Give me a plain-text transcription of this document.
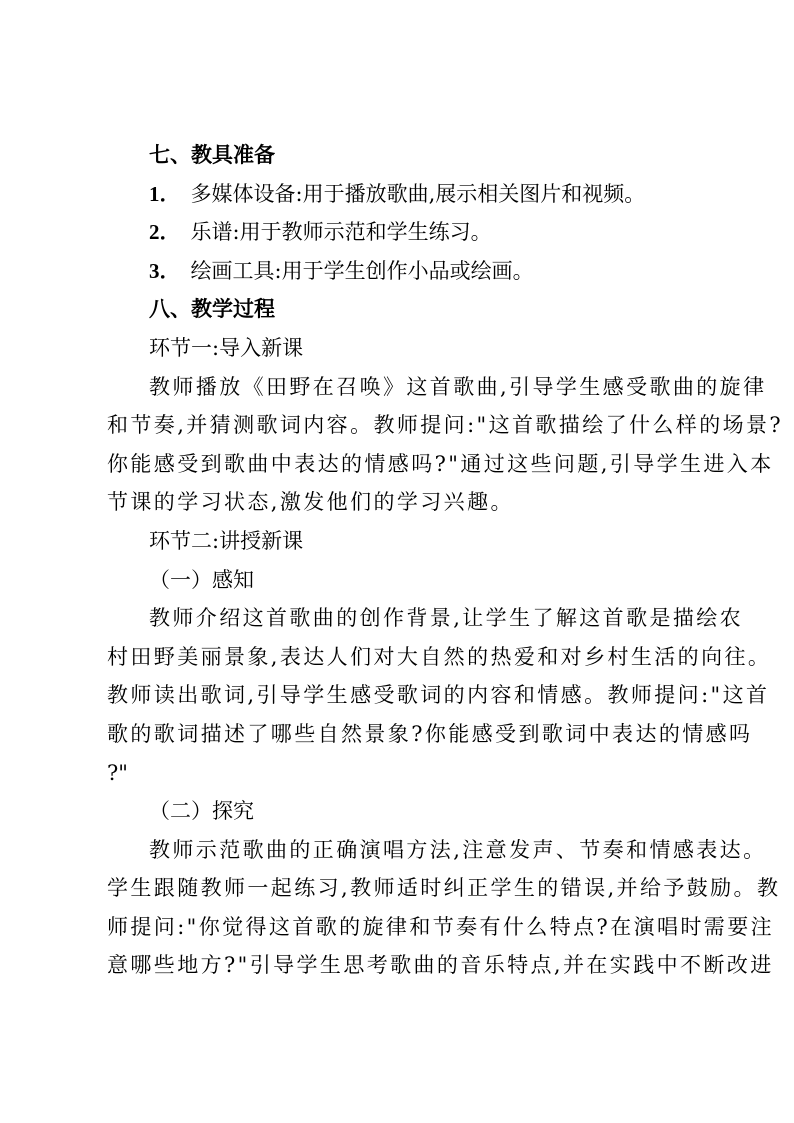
七、教具准备
1． 多媒体设备:用于播放歌曲,展示相关图片和视频。
2． 乐谱:用于教师示范和学生练习。
3． 绘画工具:用于学生创作小品或绘画。
八、教学过程
环节一:导入新课
教师播放《田野在召唤》这首歌曲,引导学生感受歌曲的旋律
和节奏,并猜测歌词内容。教师提问:"这首歌描绘了什么样的场景?
你能感受到歌曲中表达的情感吗?"通过这些问题,引导学生进入本
节课的学习状态,激发他们的学习兴趣。
环节二:讲授新课
（一）感知
教师介绍这首歌曲的创作背景,让学生了解这首歌是描绘农
村田野美丽景象,表达人们对大自然的热爱和对乡村生活的向往。
教师读出歌词,引导学生感受歌词的内容和情感。教师提问:"这首
歌的歌词描述了哪些自然景象?你能感受到歌词中表达的情感吗
?"
（二）探究
教师示范歌曲的正确演唱方法,注意发声、节奏和情感表达。
学生跟随教师一起练习,教师适时纠正学生的错误,并给予鼓励。教
师提问:"你觉得这首歌的旋律和节奏有什么特点?在演唱时需要注
意哪些地方?"引导学生思考歌曲的音乐特点,并在实践中不断改进
